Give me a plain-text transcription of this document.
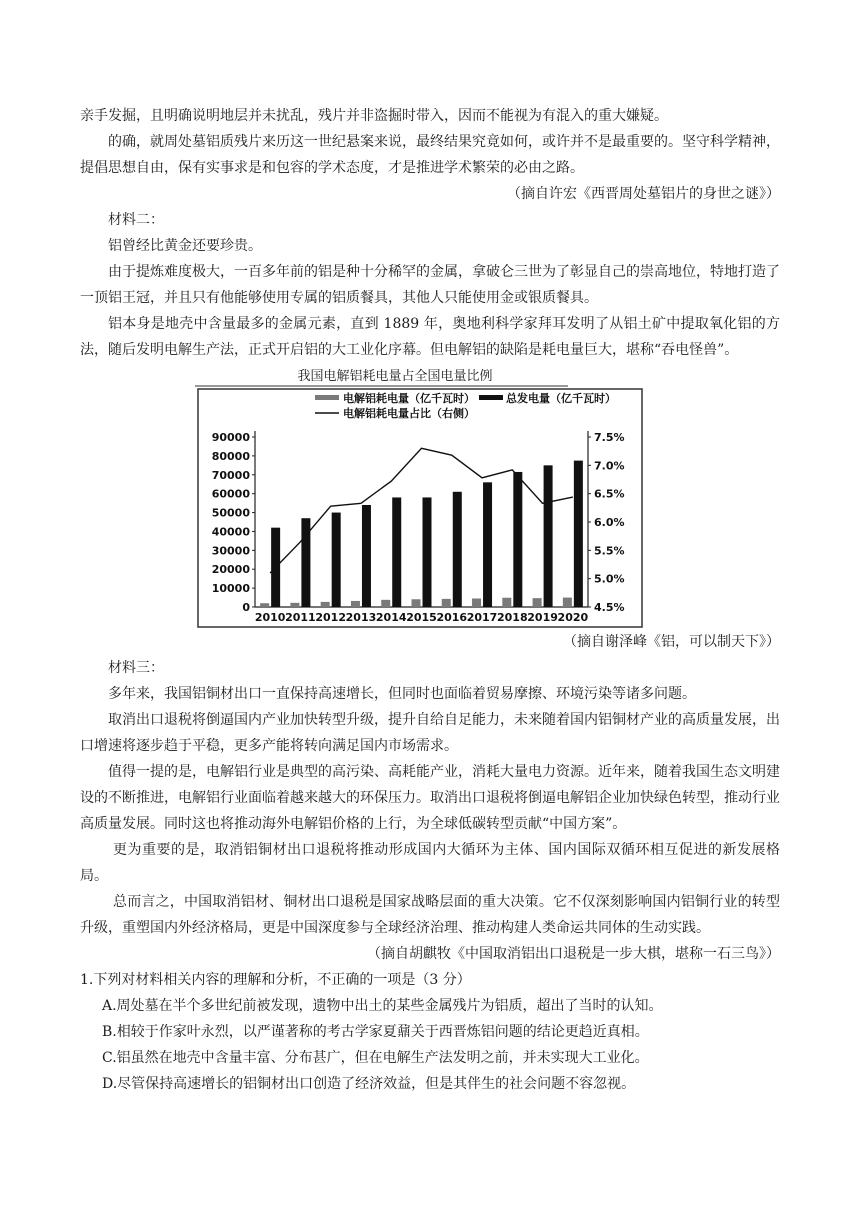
亲手发掘，且明确说明地层并未扰乱，残片并非盗掘时带入，因而不能视为有混入的重大嫌疑。

的确，就周处墓铝质残片来历这一世纪悬案来说，最终结果究竟如何，或许并不是最重要的。坚守科学精神，提倡思想自由，保有实事求是和包容的学术态度，才是推进学术繁荣的必由之路。

（摘自许宏《西晋周处墓铝片的身世之谜》）

材料二：

铝曾经比黄金还要珍贵。

由于提炼难度极大，一百多年前的铝是种十分稀罕的金属，拿破仑三世为了彰显自己的崇高地位，特地打造了一顶铝王冠，并且只有他能够使用专属的铝质餐具，其他人只能使用金或银质餐具。

铝本身是地壳中含量最多的金属元素，直到 1889 年，奥地利科学家拜耳发明了从铝土矿中提取氧化铝的方法，随后发明电解生产法，正式开启铝的大工业化序幕。但电解铝的缺陷是耗电量巨大，堪称“吞电怪兽”。

我国电解铝耗电量占全国电量比例
电解铝耗电量（亿千瓦时）	总发电量（亿千瓦时）
电解铝耗电量占比（右侧）
0
10000
20000
30000
40000
50000
60000
70000
80000
90000
4.5%
5.0%
5.5%
6.0%
6.5%
7.0%
7.5%
2010 2011 2012 2013 2014 2015 2016 2017 2018 2019 2020

（摘自谢泽峰《铝，可以制天下》）

材料三：

多年来，我国铝铜材出口一直保持高速增长，但同时也面临着贸易摩擦、环境污染等诸多问题。

取消出口退税将倒逼国内产业加快转型升级，提升自给自足能力，未来随着国内铝铜材产业的高质量发展，出口增速将逐步趋于平稳，更多产能将转向满足国内市场需求。

值得一提的是，电解铝行业是典型的高污染、高耗能产业，消耗大量电力资源。近年来，随着我国生态文明建设的不断推进，电解铝行业面临着越来越大的环保压力。取消出口退税将倒逼电解铝企业加快绿色转型，推动行业高质量发展。同时这也将推动海外电解铝价格的上行，为全球低碳转型贡献“中国方案”。

更为重要的是，取消铝铜材出口退税将推动形成国内大循环为主体、国内国际双循环相互促进的新发展格局。

总而言之，中国取消铝材、铜材出口退税是国家战略层面的重大决策。它不仅深刻影响国内铝铜行业的转型升级，重塑国内外经济格局，更是中国深度参与全球经济治理、推动构建人类命运共同体的生动实践。

（摘自胡麒牧《中国取消铝出口退税是一步大棋，堪称一石三鸟》）

1.下列对材料相关内容的理解和分析，不正确的一项是（3 分）

A.周处墓在半个多世纪前被发现，遗物中出土的某些金属残片为铝质，超出了当时的认知。

B.相较于作家叶永烈，以严谨著称的考古学家夏鼐关于西晋炼铝问题的结论更趋近真相。

C.铝虽然在地壳中含量丰富、分布甚广，但在电解生产法发明之前，并未实现大工业化。

D.尽管保持高速增长的铝铜材出口创造了经济效益，但是其伴生的社会问题不容忽视。
